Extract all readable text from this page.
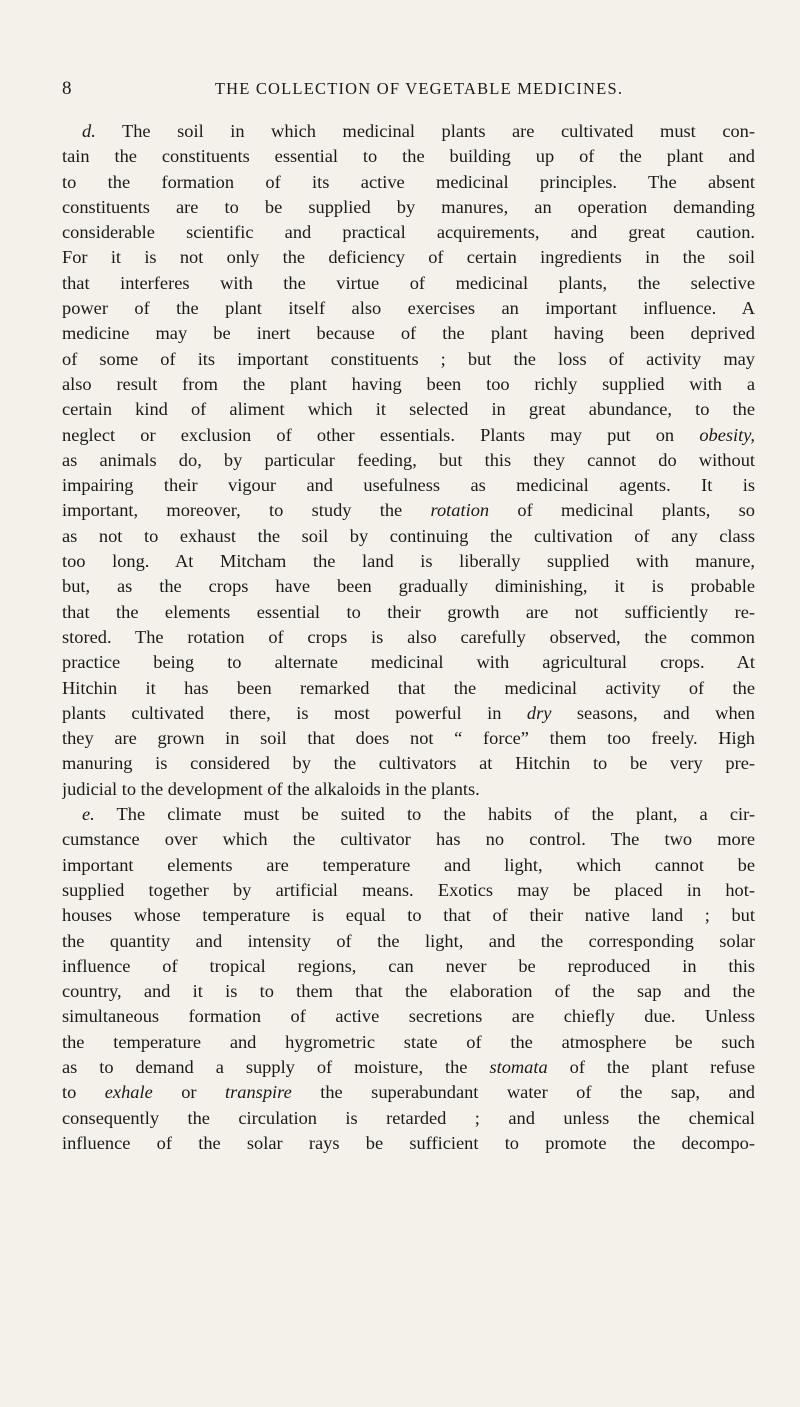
8	THE COLLECTION OF VEGETABLE MEDICINES.
d. The soil in which medicinal plants are cultivated must con-
tain the constituents essential to the building up of the plant and
to the formation of its active medicinal principles. The absent
constituents are to be supplied by manures, an operation demanding
considerable scientific and practical acquirements, and great caution.
For it is not only the deficiency of certain ingredients in the soil
that interferes with the virtue of medicinal plants, the selective
power of the plant itself also exercises an important influence. A
medicine may be inert because of the plant having been deprived
of some of its important constituents ; but the loss of activity may
also result from the plant having been too richly supplied with a
certain kind of aliment which it selected in great abundance, to the
neglect or exclusion of other essentials. Plants may put on obesity,
as animals do, by particular feeding, but this they cannot do without
impairing their vigour and usefulness as medicinal agents. It is
important, moreover, to study the rotation of medicinal plants, so
as not to exhaust the soil by continuing the cultivation of any class
too long. At Mitcham the land is liberally supplied with manure,
but, as the crops have been gradually diminishing, it is probable
that the elements essential to their growth are not sufficiently re-
stored. The rotation of crops is also carefully observed, the common
practice being to alternate medicinal with agricultural crops. At
Hitchin it has been remarked that the medicinal activity of the
plants cultivated there, is most powerful in dry seasons, and when
they are grown in soil that does not “ force” them too freely. High
manuring is considered by the cultivators at Hitchin to be very pre-
judicial to the development of the alkaloids in the plants.
e. The climate must be suited to the habits of the plant, a cir-
cumstance over which the cultivator has no control. The two more
important elements are temperature and light, which cannot be
supplied together by artificial means. Exotics may be placed in hot-
houses whose temperature is equal to that of their native land ; but
the quantity and intensity of the light, and the corresponding solar
influence of tropical regions, can never be reproduced in this
country, and it is to them that the elaboration of the sap and the
simultaneous formation of active secretions are chiefly due. Unless
the temperature and hygrometric state of the atmosphere be such
as to demand a supply of moisture, the stomata of the plant refuse
to exhale or transpire the superabundant water of the sap, and
consequently the circulation is retarded ; and unless the chemical
influence of the solar rays be sufficient to promote the decompo-
